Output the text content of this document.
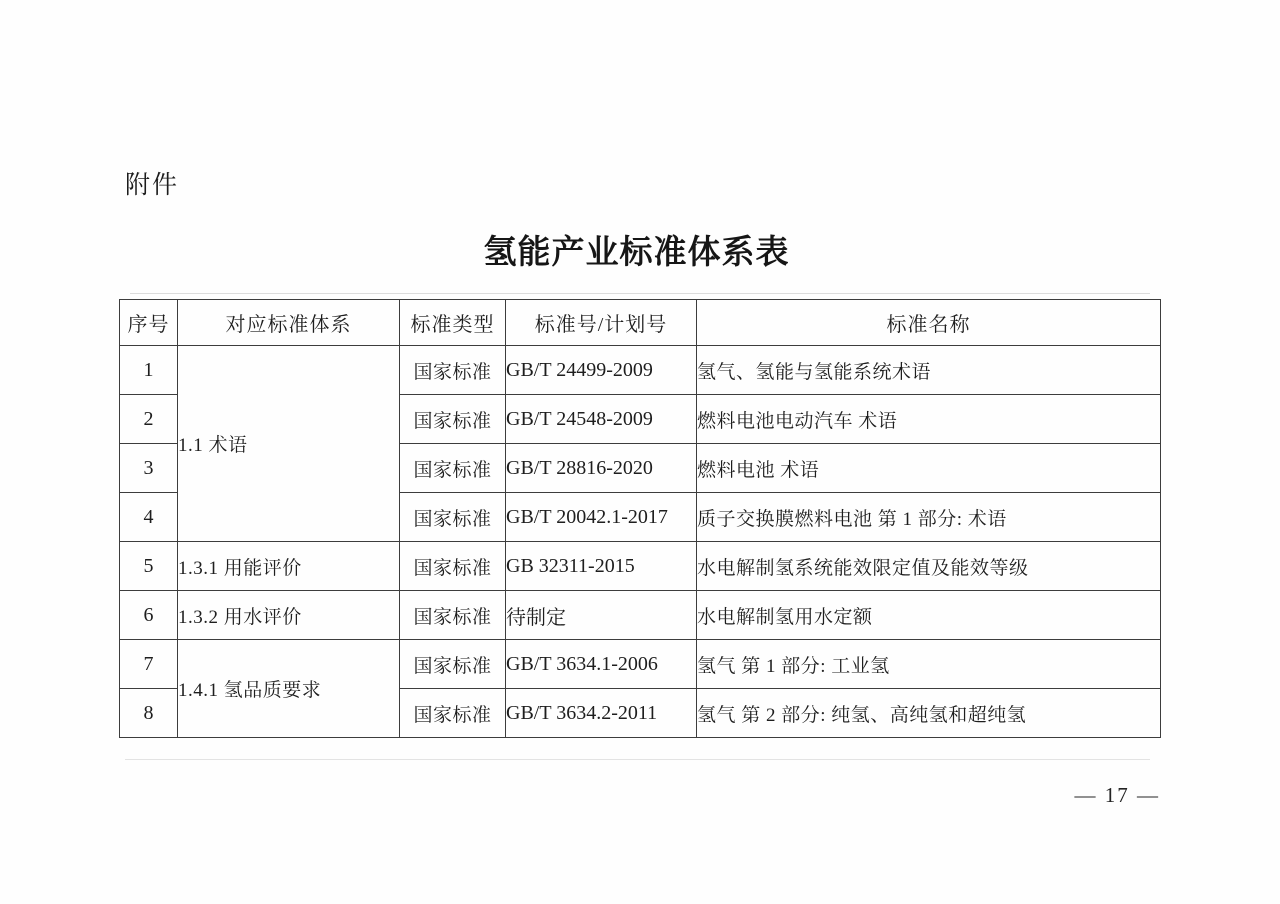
附件
氢能产业标准体系表
序号	对应标准体系	标准类型	标准号/计划号	标准名称
1	1.1 术语	国家标准	GB/T 24499-2009	氢气、氢能与氢能系统术语
2		国家标准	GB/T 24548-2009	燃料电池电动汽车 术语
3		国家标准	GB/T 28816-2020	燃料电池 术语
4		国家标准	GB/T 20042.1-2017	质子交换膜燃料电池 第 1 部分: 术语
5	1.3.1 用能评价	国家标准	GB 32311-2015	水电解制氢系统能效限定值及能效等级
6	1.3.2 用水评价	国家标准	待制定	水电解制氢用水定额
7	1.4.1 氢品质要求	国家标准	GB/T 3634.1-2006	氢气 第 1 部分: 工业氢
8		国家标准	GB/T 3634.2-2011	氢气 第 2 部分: 纯氢、高纯氢和超纯氢
— 17 —
